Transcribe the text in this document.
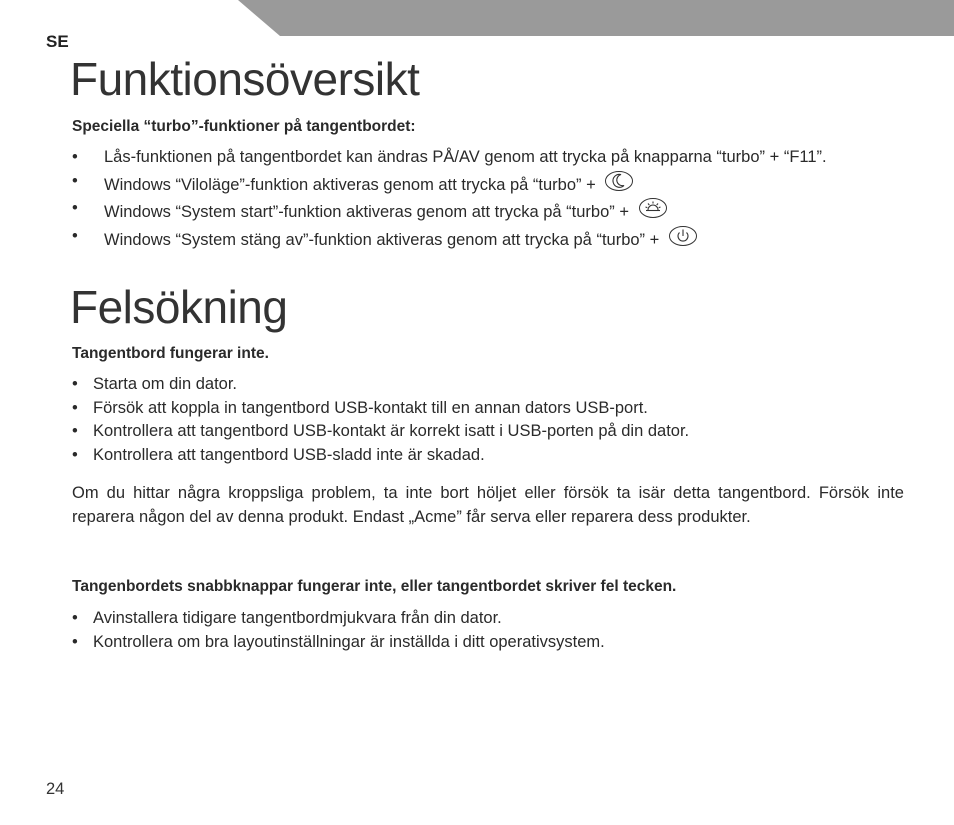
SE
Funktionsöversikt

Speciella “turbo”-funktioner på tangentbordet:

• Lås-funktionen på tangentbordet kan ändras PÅ/AV genom att trycka på knapparna “turbo” + “F11”.
• Windows “Viloläge”-funktion aktiveras genom att trycka på “turbo” +
• Windows “System start”-funktion aktiveras genom att trycka på “turbo” +
• Windows “System stäng av”-funktion aktiveras genom att trycka på “turbo” +
Felsökning

Tangentbord fungerar inte.

• Starta om din dator.
• Försök att koppla in tangentbord USB-kontakt till en annan dators USB-port.
• Kontrollera att tangentbord USB-kontakt är korrekt isatt i USB-porten på din dator.
• Kontrollera att tangentbord USB-sladd inte är skadad.

Om du hittar några kroppsliga problem, ta inte bort höljet eller försök ta isär detta tangentbord. Försök inte reparera någon del av denna produkt. Endast „Acme” får serva eller reparera dess produkter.

Tangenbordets snabbknappar fungerar inte, eller tangentbordet skriver fel tecken.

• Avinstallera tidigare tangentbordmjukvara från din dator.
• Kontrollera om bra layoutinställningar är inställda i ditt operativsystem.
24
